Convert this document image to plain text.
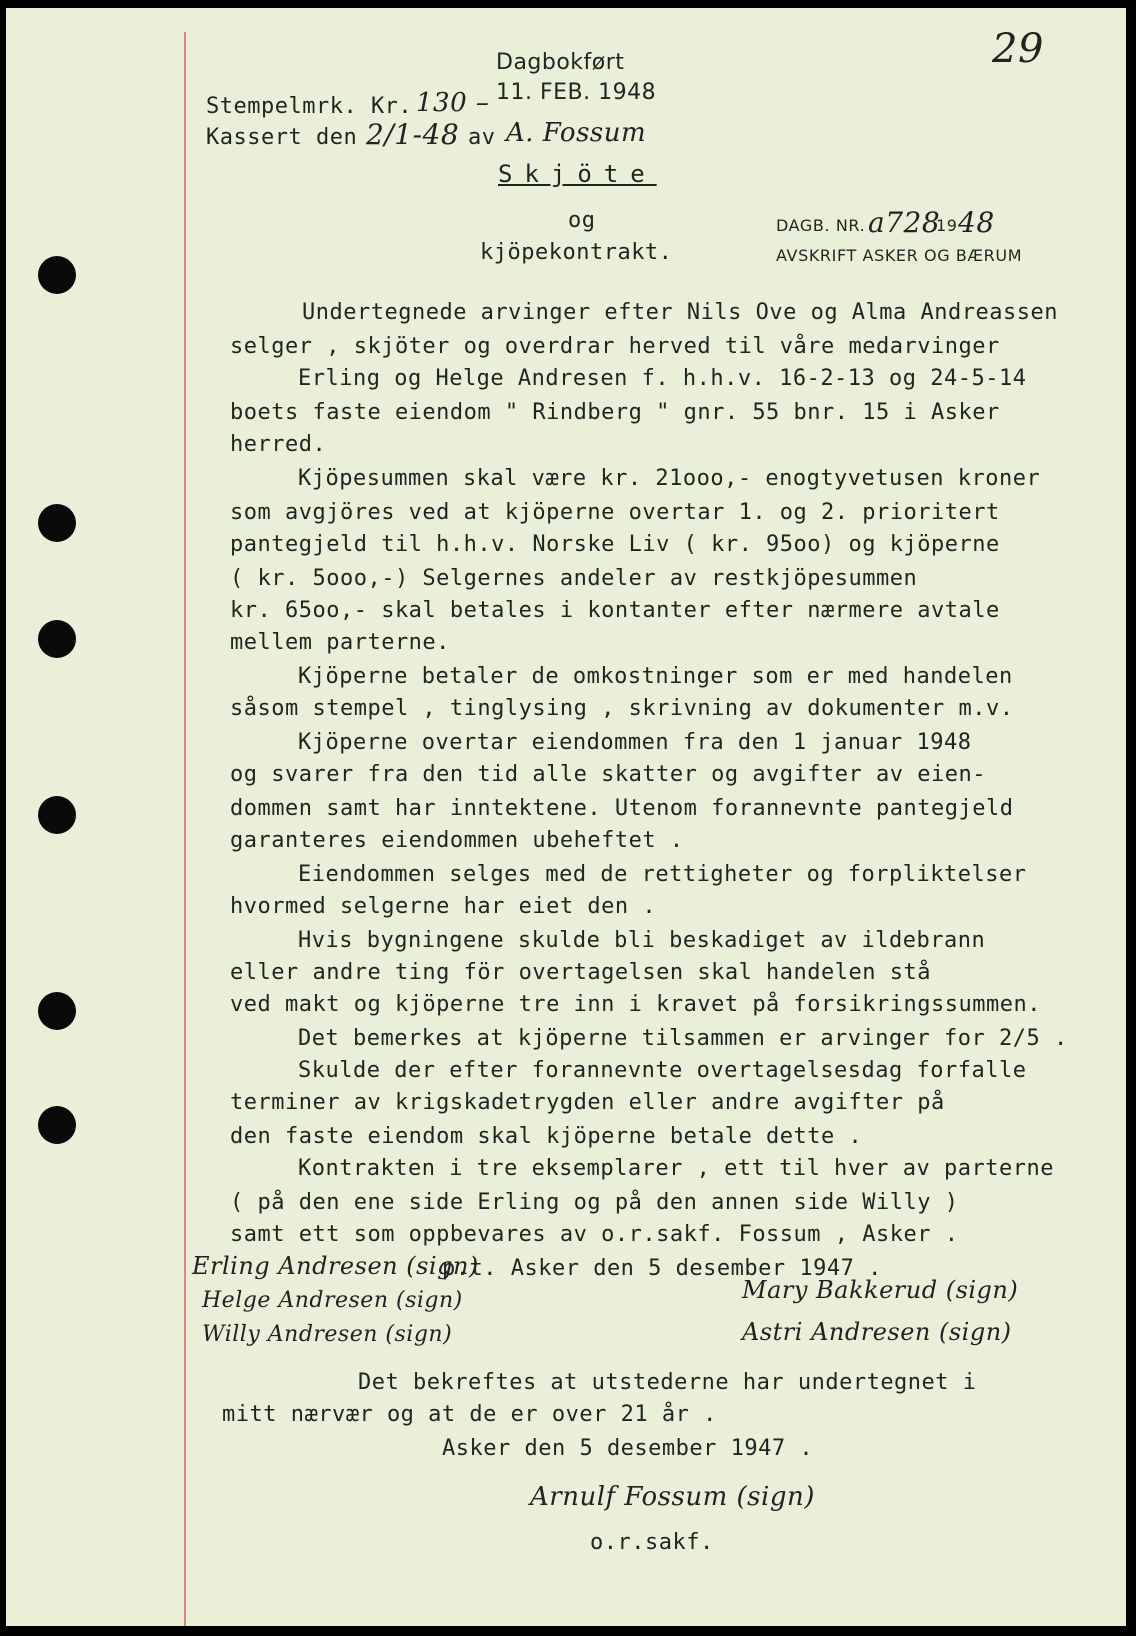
29
Dagbokført
11. FEB. 1948
Stempelmrk. Kr. 130 –
Kassert den 2/1-48 av A. Fossum
Skjöte
og
kjöpekontrakt.
DAGB. NR. a728
19 48
AVSKRIFT ASKER OG BÆRUM
Undertegnede arvinger efter Nils Ove og Alma Andreassen
selger , skjöter og overdrar herved til våre medarvinger
Erling og Helge Andresen f. h.h.v. 16-2-13 og 24-5-14
boets faste eiendom " Rindberg " gnr. 55 bnr. 15 i Asker
herred.
Kjöpesummen skal være kr. 21ooo,- enogtyvetusen kroner
som avgjöres ved at kjöperne overtar 1. og 2. prioritert
pantegjeld til h.h.v. Norske Liv ( kr. 95oo) og kjöperne
( kr. 5ooo,-) Selgernes andeler av restkjöpesummen
kr. 65oo,- skal betales i kontanter efter nærmere avtale
mellem parterne.
Kjöperne betaler de omkostninger som er med handelen
såsom stempel , tinglysing , skrivning av dokumenter m.v.
Kjöperne overtar eiendommen fra den 1 januar 1948
og svarer fra den tid alle skatter og avgifter av eien-
dommen samt har inntektene. Utenom forannevnte pantegjeld
garanteres eiendommen ubeheftet .
Eiendommen selges med de rettigheter og forpliktelser
hvormed selgerne har eiet den .
Hvis bygningene skulde bli beskadiget av ildebrann
eller andre ting för overtagelsen skal handelen stå
ved makt og kjöperne tre inn i kravet på forsikringssummen.
Det bemerkes at kjöperne tilsammen er arvinger for 2/5 .
Skulde der efter forannevnte overtagelsesdag forfalle
terminer av krigskadetrygden eller andre avgifter på
den faste eiendom skal kjöperne betale dette .
Kontrakten i tre eksemplarer , ett til hver av parterne
( på den ene side Erling og på den annen side Willy )
samt ett som oppbevares av o.r.sakf. Fossum , Asker .
p.t. Asker den 5 desember 1947 .
Erling Andresen (sign)
Helge Andresen (sign)
Willy Andresen (sign)
Mary Bakkerud (sign)
Astri Andresen (sign)
Det bekreftes at utstederne har undertegnet i
mitt nærvær og at de er over 21 år .
Asker den 5 desember 1947 .
Arnulf Fossum (sign)
o.r.sakf.
